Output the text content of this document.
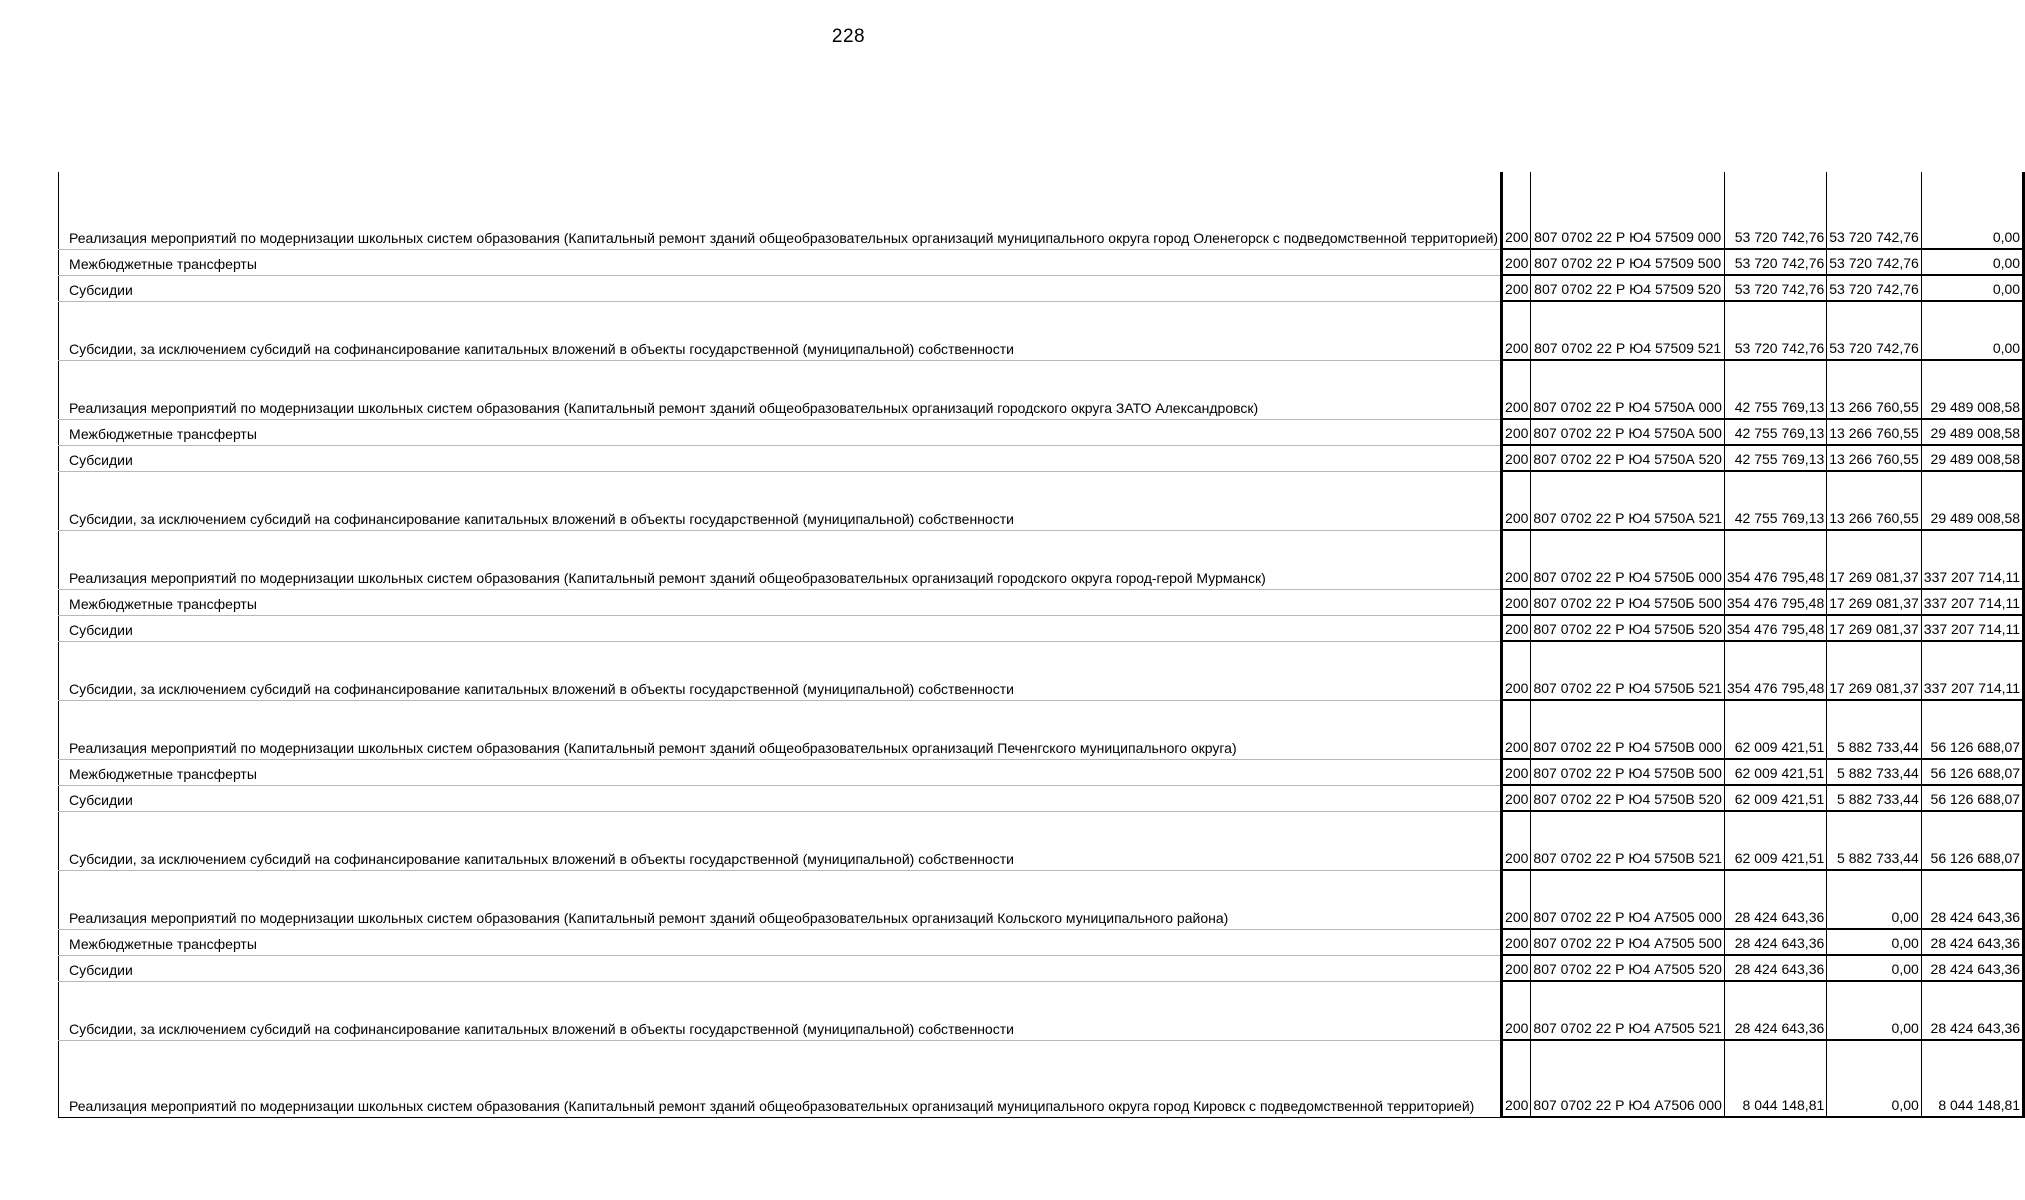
228
Реализация мероприятий по модернизации школьных систем образования (Капитальный ремонт зданий общеобразовательных организаций муниципального округа город Оленегорск с подведомственной территорией)	200	807 0702 22 Р Ю4 57509 000	53 720 742,76	53 720 742,76	0,00
Межбюджетные трансферты	200	807 0702 22 Р Ю4 57509 500	53 720 742,76	53 720 742,76	0,00
Субсидии	200	807 0702 22 Р Ю4 57509 520	53 720 742,76	53 720 742,76	0,00
Субсидии, за исключением субсидий на софинансирование капитальных вложений в объекты государственной (муниципальной) собственности	200	807 0702 22 Р Ю4 57509 521	53 720 742,76	53 720 742,76	0,00
Реализация мероприятий по модернизации школьных систем образования (Капитальный ремонт зданий общеобразовательных организаций городского округа ЗАТО Александровск)	200	807 0702 22 Р Ю4 5750А 000	42 755 769,13	13 266 760,55	29 489 008,58
Межбюджетные трансферты	200	807 0702 22 Р Ю4 5750А 500	42 755 769,13	13 266 760,55	29 489 008,58
Субсидии	200	807 0702 22 Р Ю4 5750А 520	42 755 769,13	13 266 760,55	29 489 008,58
Субсидии, за исключением субсидий на софинансирование капитальных вложений в объекты государственной (муниципальной) собственности	200	807 0702 22 Р Ю4 5750А 521	42 755 769,13	13 266 760,55	29 489 008,58
Реализация мероприятий по модернизации школьных систем образования (Капитальный ремонт зданий общеобразовательных организаций городского округа город-герой Мурманск)	200	807 0702 22 Р Ю4 5750Б 000	354 476 795,48	17 269 081,37	337 207 714,11
Межбюджетные трансферты	200	807 0702 22 Р Ю4 5750Б 500	354 476 795,48	17 269 081,37	337 207 714,11
Субсидии	200	807 0702 22 Р Ю4 5750Б 520	354 476 795,48	17 269 081,37	337 207 714,11
Субсидии, за исключением субсидий на софинансирование капитальных вложений в объекты государственной (муниципальной) собственности	200	807 0702 22 Р Ю4 5750Б 521	354 476 795,48	17 269 081,37	337 207 714,11
Реализация мероприятий по модернизации школьных систем образования (Капитальный ремонт зданий общеобразовательных организаций Печенгского муниципального округа)	200	807 0702 22 Р Ю4 5750В 000	62 009 421,51	5 882 733,44	56 126 688,07
Межбюджетные трансферты	200	807 0702 22 Р Ю4 5750В 500	62 009 421,51	5 882 733,44	56 126 688,07
Субсидии	200	807 0702 22 Р Ю4 5750В 520	62 009 421,51	5 882 733,44	56 126 688,07
Субсидии, за исключением субсидий на софинансирование капитальных вложений в объекты государственной (муниципальной) собственности	200	807 0702 22 Р Ю4 5750В 521	62 009 421,51	5 882 733,44	56 126 688,07
Реализация мероприятий по модернизации школьных систем образования (Капитальный ремонт зданий общеобразовательных организаций Кольского муниципального района)	200	807 0702 22 Р Ю4 А7505 000	28 424 643,36	0,00	28 424 643,36
Межбюджетные трансферты	200	807 0702 22 Р Ю4 А7505 500	28 424 643,36	0,00	28 424 643,36
Субсидии	200	807 0702 22 Р Ю4 А7505 520	28 424 643,36	0,00	28 424 643,36
Субсидии, за исключением субсидий на софинансирование капитальных вложений в объекты государственной (муниципальной) собственности	200	807 0702 22 Р Ю4 А7505 521	28 424 643,36	0,00	28 424 643,36
Реализация мероприятий по модернизации школьных систем образования (Капитальный ремонт зданий общеобразовательных организаций муниципального округа город Кировск с подведомственной территорией)	200	807 0702 22 Р Ю4 А7506 000	8 044 148,81	0,00	8 044 148,81
